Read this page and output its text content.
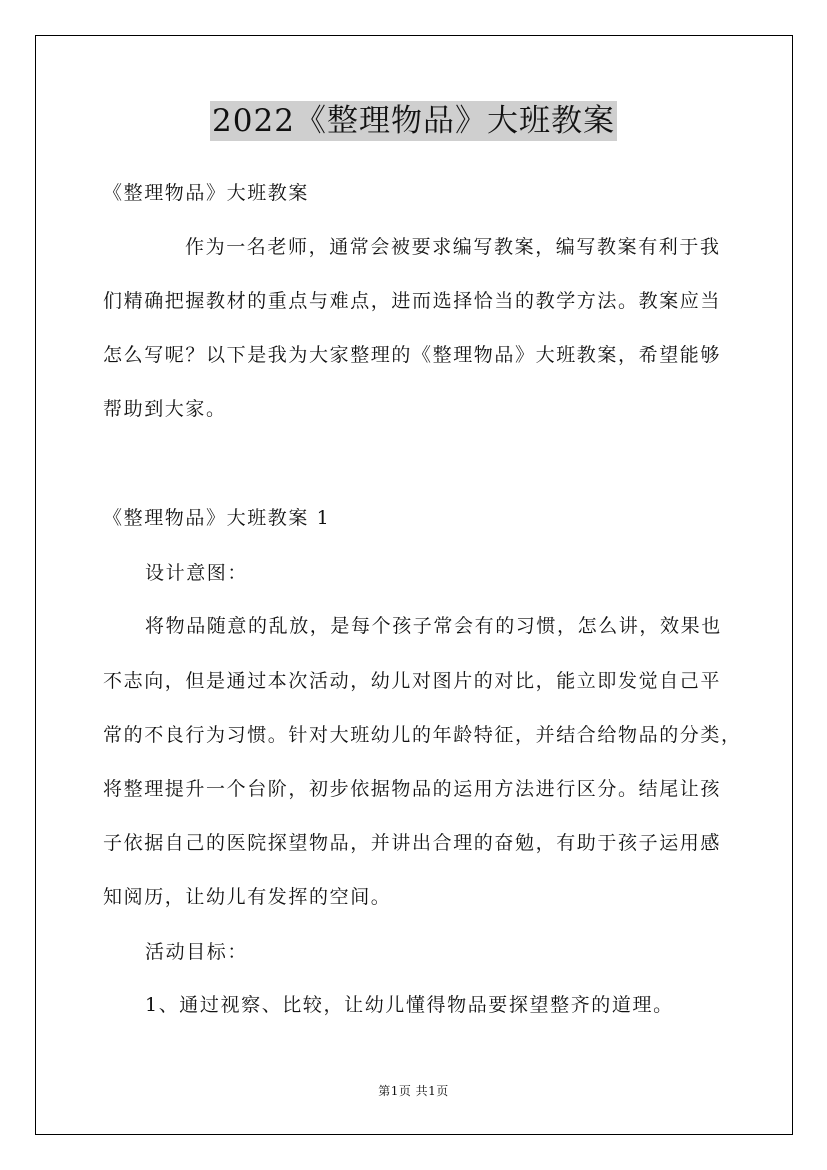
2022《整理物品》大班教案
《整理物品》大班教案
作为一名老师，通常会被要求编写教案，编写教案有利于我
们精确把握教材的重点与难点，进而选择恰当的教学方法。教案应当
怎么写呢？以下是我为大家整理的《整理物品》大班教案，希望能够
帮助到大家。
《整理物品》大班教案 1
设计意图：
将物品随意的乱放，是每个孩子常会有的习惯，怎么讲，效果也
不志向，但是通过本次活动，幼儿对图片的对比，能立即发觉自己平
常的不良行为习惯。针对大班幼儿的年龄特征，并结合给物品的分类，
将整理提升一个台阶，初步依据物品的运用方法进行区分。结尾让孩
子依据自己的医院探望物品，并讲出合理的奋勉，有助于孩子运用感
知阅历，让幼儿有发挥的空间。
活动目标：
1、通过视察、比较，让幼儿懂得物品要探望整齐的道理。
第1页 共1页
